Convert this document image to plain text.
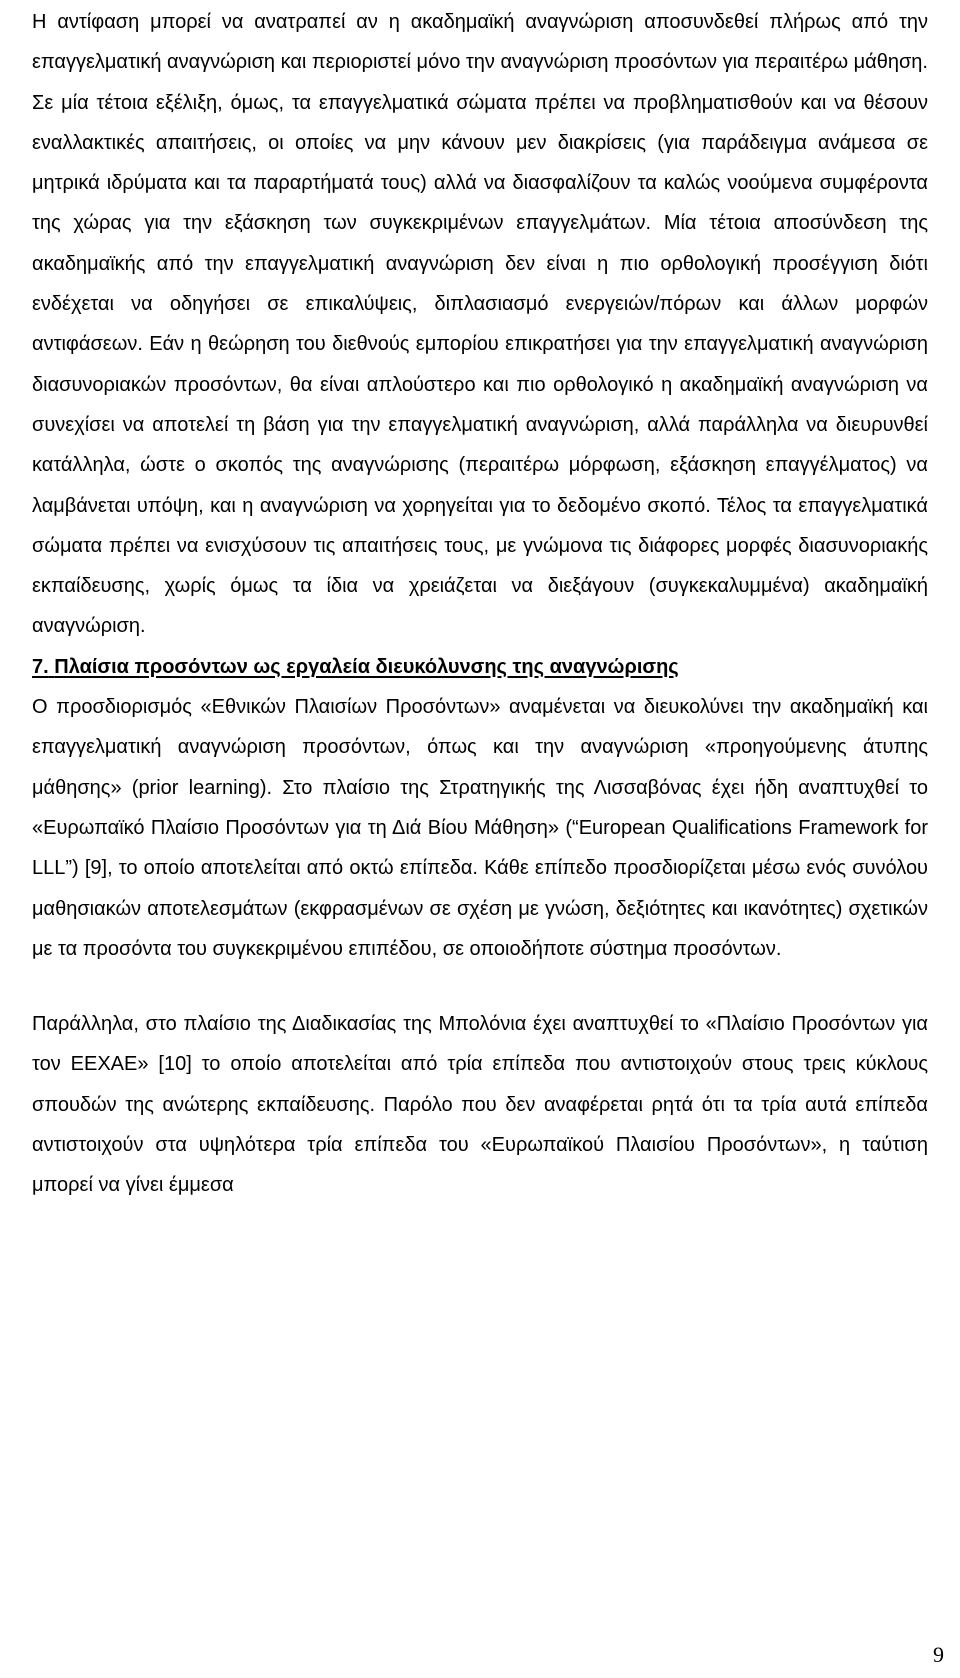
Η αντίφαση μπορεί να ανατραπεί αν η ακαδημαϊκή αναγνώριση αποσυνδεθεί πλήρως από την επαγγελματική αναγνώριση και περιοριστεί μόνο την αναγνώριση προσόντων για περαιτέρω μάθηση. Σε μία τέτοια εξέλιξη, όμως, τα επαγγελματικά σώματα πρέπει να προβληματισθούν και να θέσουν εναλλακτικές απαιτήσεις, οι οποίες να μην κάνουν μεν διακρίσεις (για παράδειγμα ανάμεσα σε μητρικά ιδρύματα και τα παραρτήματά τους) αλλά να διασφαλίζουν τα καλώς νοούμενα συμφέροντα της χώρας για την εξάσκηση των συγκεκριμένων επαγγελμάτων. Μία τέτοια αποσύνδεση της ακαδημαϊκής από την επαγγελματική αναγνώριση δεν είναι η πιο ορθολογική προσέγγιση διότι ενδέχεται να οδηγήσει σε επικαλύψεις, διπλασιασμό ενεργειών/πόρων και άλλων μορφών αντιφάσεων. Εάν η θεώρηση του διεθνούς εμπορίου επικρατήσει για την επαγγελματική αναγνώριση διασυνοριακών προσόντων, θα είναι απλούστερο και πιο ορθολογικό η ακαδημαϊκή αναγνώριση να συνεχίσει να αποτελεί τη βάση για την επαγγελματική αναγνώριση, αλλά παράλληλα να διευρυνθεί κατάλληλα, ώστε ο σκοπός της αναγνώρισης (περαιτέρω μόρφωση, εξάσκηση επαγγέλματος) να λαμβάνεται υπόψη, και η αναγνώριση να χορηγείται για το δεδομένο σκοπό. Τέλος τα επαγγελματικά σώματα πρέπει να ενισχύσουν τις απαιτήσεις τους, με γνώμονα τις διάφορες μορφές διασυνοριακής εκπαίδευσης, χωρίς όμως τα ίδια να χρειάζεται να διεξάγουν (συγκεκαλυμμένα) ακαδημαϊκή αναγνώριση.

7. Πλαίσια προσόντων ως εργαλεία διευκόλυνσης της αναγνώρισης

Ο προσδιορισμός «Εθνικών Πλαισίων Προσόντων» αναμένεται να διευκολύνει την ακαδημαϊκή και επαγγελματική αναγνώριση προσόντων, όπως και την αναγνώριση «προηγούμενης άτυπης μάθησης» (prior learning). Στο πλαίσιο της Στρατηγικής της Λισσαβόνας έχει ήδη αναπτυχθεί το «Ευρωπαϊκό Πλαίσιο Προσόντων για τη Διά Βίου Μάθηση» (“European Qualifications Framework for LLL”) [9], το οποίο αποτελείται από οκτώ επίπεδα. Κάθε επίπεδο προσδιορίζεται μέσω ενός συνόλου μαθησιακών αποτελεσμάτων (εκφρασμένων σε σχέση με γνώση, δεξιότητες και ικανότητες) σχετικών με τα προσόντα του συγκεκριμένου επιπέδου, σε οποιοδήποτε σύστημα προσόντων.

Παράλληλα, στο πλαίσιο της Διαδικασίας της Μπολόνια έχει αναπτυχθεί το «Πλαίσιο Προσόντων για τον ΕΕΧΑΕ» [10] το οποίο αποτελείται από τρία επίπεδα που αντιστοιχούν στους τρεις κύκλους σπουδών της ανώτερης εκπαίδευσης. Παρόλο που δεν αναφέρεται ρητά ότι τα τρία αυτά επίπεδα αντιστοιχούν στα υψηλότερα τρία επίπεδα του «Ευρωπαϊκού Πλαισίου Προσόντων», η ταύτιση μπορεί να γίνει έμμεσα

9
